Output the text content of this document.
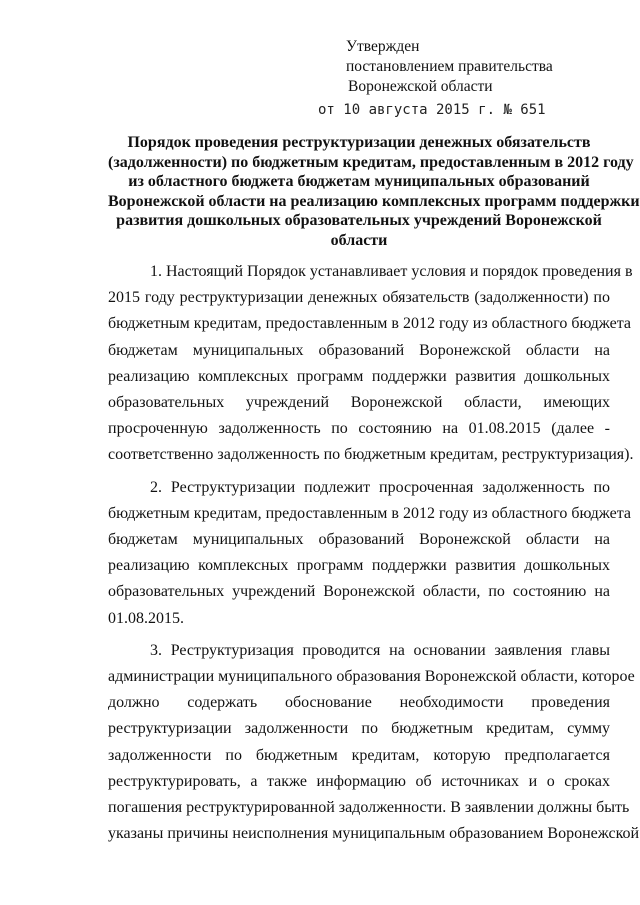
Утвержден
постановлением правительства
Воронежской области
от 10 августа 2015 г. № 651
Порядок проведения реструктуризации денежных обязательств
(задолженности) по бюджетным кредитам, предоставленным в 2012 году
из областного бюджета бюджетам муниципальных образований
Воронежской области на реализацию комплексных программ поддержки
развития дошкольных образовательных учреждений Воронежской
области
1. Настоящий Порядок устанавливает условия и порядок проведения в
2015 году реструктуризации денежных обязательств (задолженности) по
бюджетным кредитам, предоставленным в 2012 году из областного бюджета
бюджетам муниципальных образований Воронежской области на
реализацию комплексных программ поддержки развития дошкольных
образовательных учреждений Воронежской области, имеющих
просроченную задолженность по состоянию на 01.08.2015 (далее -
соответственно задолженность по бюджетным кредитам, реструктуризация).
2. Реструктуризации подлежит просроченная задолженность по
бюджетным кредитам, предоставленным в 2012 году из областного бюджета
бюджетам муниципальных образований Воронежской области на
реализацию комплексных программ поддержки развития дошкольных
образовательных учреждений Воронежской области, по состоянию на
01.08.2015.
3. Реструктуризация проводится на основании заявления главы
администрации муниципального образования Воронежской области, которое
должно содержать обоснование необходимости проведения
реструктуризации задолженности по бюджетным кредитам, сумму
задолженности по бюджетным кредитам, которую предполагается
реструктурировать, а также информацию об источниках и о сроках
погашения реструктурированной задолженности. В заявлении должны быть
указаны причины неисполнения муниципальным образованием Воронежской
